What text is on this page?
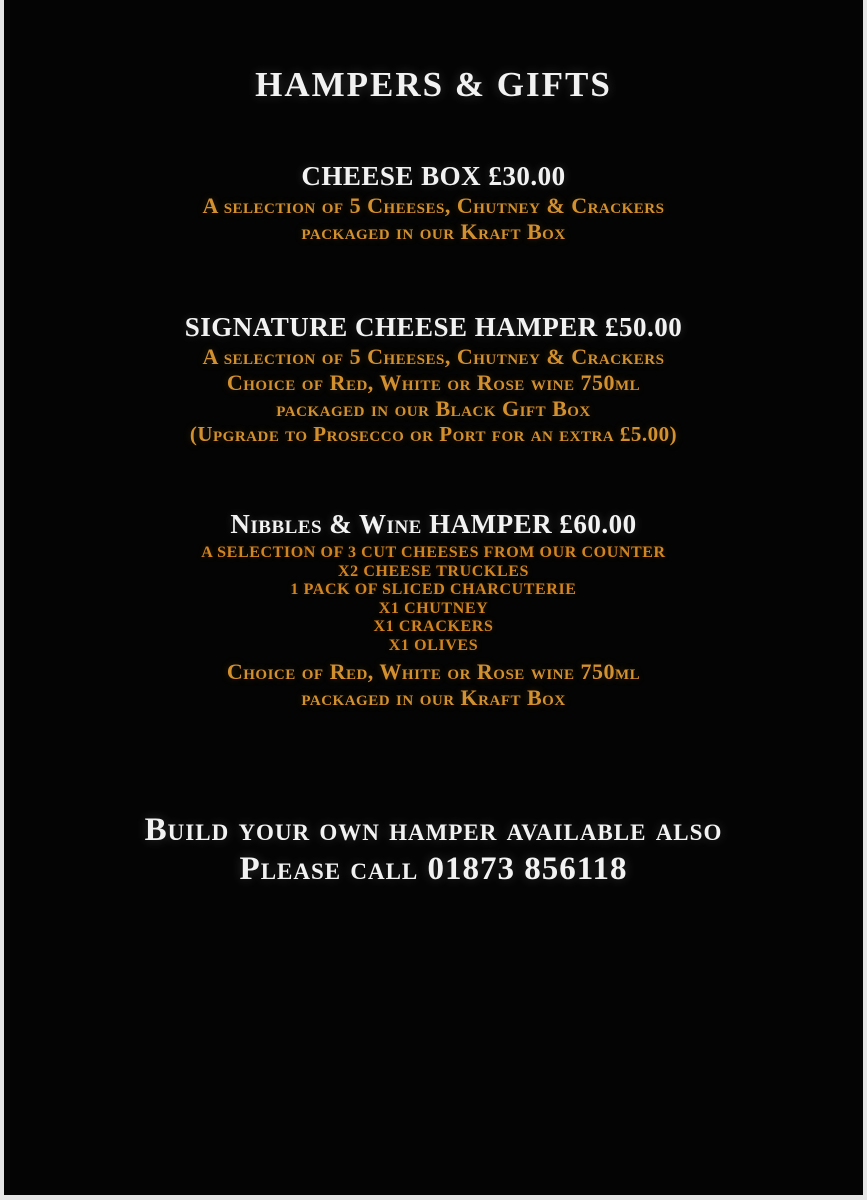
HAMPERS & GIFTS
CHEESE BOX £30.00

A selection of 5 Cheeses, Chutney & Crackers

packaged in our Kraft Box

SIGNATURE CHEESE HAMPER £50.00

A selection of 5 Cheeses, Chutney & Crackers

Choice of Red, White or Rose wine 750ml

packaged in our Black Gift Box

(Upgrade to Prosecco or Port for an extra £5.00)

Nibbles & Wine HAMPER £60.00

A SELECTION OF 3 CUT CHEESES FROM OUR COUNTER

X2 CHEESE TRUCKLES

1 PACK OF SLICED CHARCUTERIE

X1 CHUTNEY

X1 CRACKERS

X1 OLIVES

Choice of Red, White or Rose wine 750ml

packaged in our Kraft Box

Build your own hamper available also

Please call 01873 856118
